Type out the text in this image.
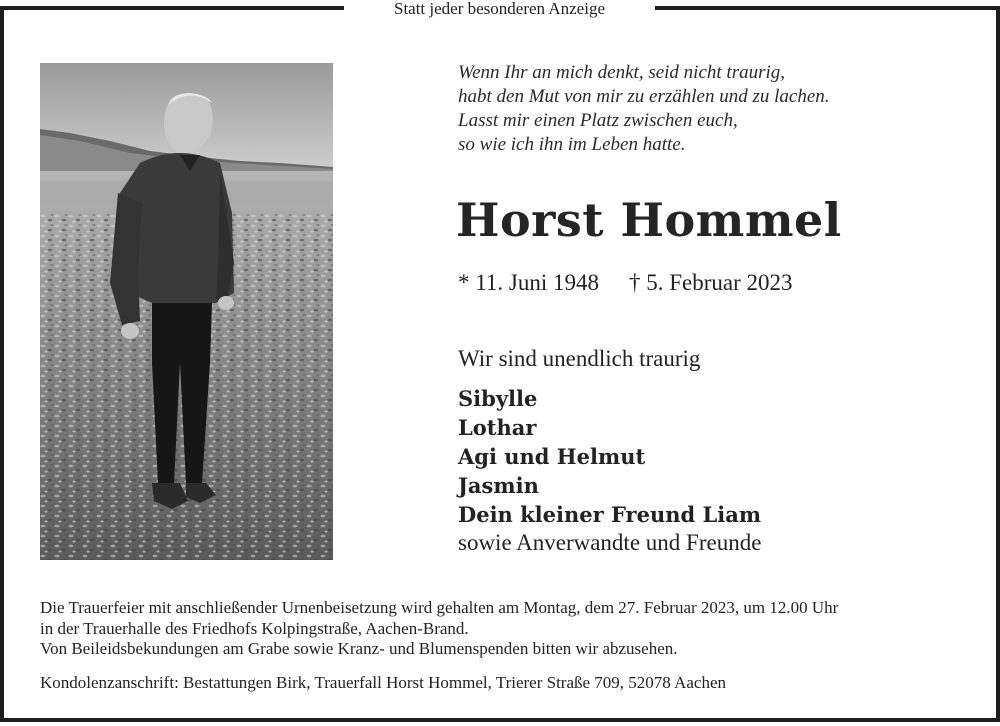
Statt jeder besonderen Anzeige
Wenn Ihr an mich denkt, seid nicht traurig,
habt den Mut von mir zu erzählen und zu lachen.
Lasst mir einen Platz zwischen euch,
so wie ich ihn im Leben hatte.
Horst Hommel
* 11. Juni 1948 † 5. Februar 2023
Wir sind unendlich traurig
Sibylle
Lothar
Agi und Helmut
Jasmin
Dein kleiner Freund Liam
sowie Anverwandte und Freunde
Die Trauerfeier mit anschließender Urnenbeisetzung wird gehalten am Montag, dem 27. Februar 2023, um 12.00 Uhr
in der Trauerhalle des Friedhofs Kolpingstraße, Aachen-Brand.
Von Beileidsbekundungen am Grabe sowie Kranz- und Blumenspenden bitten wir abzusehen.
Kondolenzanschrift: Bestattungen Birk, Trauerfall Horst Hommel, Trierer Straße 709, 52078 Aachen
